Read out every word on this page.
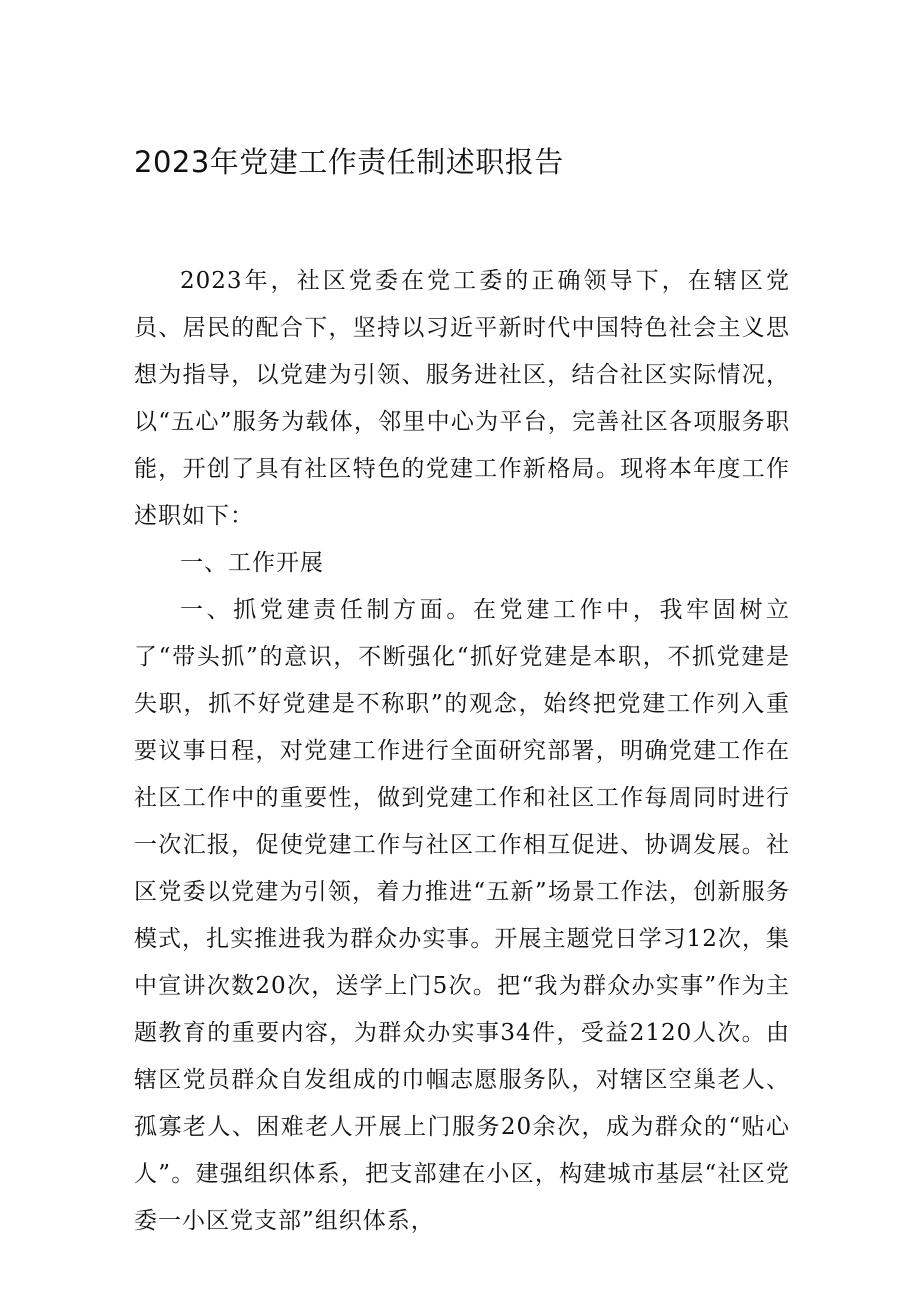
2023年党建工作责任制述职报告

2023年，社区党委在党工委的正确领导下，在辖区党员、居民的配合下，坚持以习近平新时代中国特色社会主义思想为指导，以党建为引领、服务进社区，结合社区实际情况，以“五心”服务为载体，邻里中心为平台，完善社区各项服务职能，开创了具有社区特色的党建工作新格局。现将本年度工作述职如下：

一、工作开展

一、抓党建责任制方面。在党建工作中，我牢固树立了“带头抓”的意识，不断强化“抓好党建是本职，不抓党建是失职，抓不好党建是不称职”的观念，始终把党建工作列入重要议事日程，对党建工作进行全面研究部署，明确党建工作在社区工作中的重要性，做到党建工作和社区工作每周同时进行一次汇报，促使党建工作与社区工作相互促进、协调发展。社区党委以党建为引领，着力推进“五新”场景工作法，创新服务模式，扎实推进我为群众办实事。开展主题党日学习12次，集中宣讲次数20次，送学上门5次。把“我为群众办实事”作为主题教育的重要内容，为群众办实事34件，受益2120人次。由辖区党员群众自发组成的巾帼志愿服务队，对辖区空巢老人、孤寡老人、困难老人开展上门服务20余次，成为群众的“贴心人”。建强组织体系，把支部建在小区，构建城市基层“社区党委一小区党支部”组织体系，
